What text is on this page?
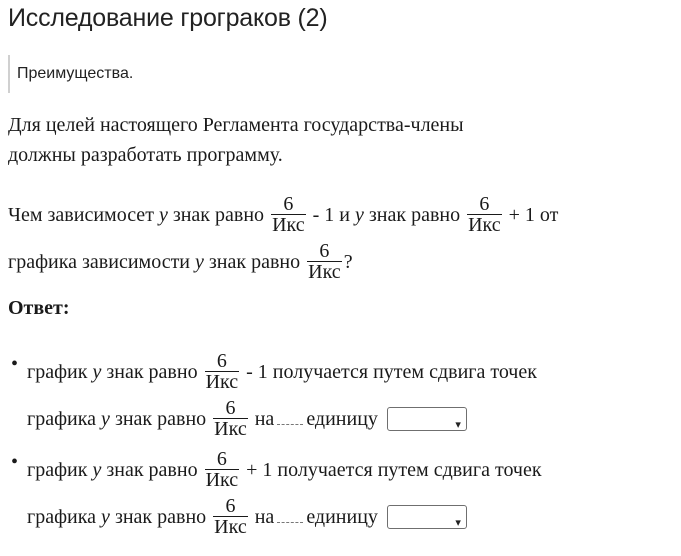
Исследование грограков (2)
Преимущества.
Для целей настоящего Регламента государства-члены
должны разработать программу.
Чем зависимосет y знак равно $\frac{6}{\text{Икс}} - 1$ и y знак равно $\frac{6}{\text{Икс}} + 1$ от
графика зависимости y знак равно $\frac{6}{\text{Икс}}$ ?
Ответ:
• график y знак равно $\frac{6}{\text{Икс}} - 1$ получается путем сдвига точек
графика y знак равно $\frac{6}{\text{Икс}}$ на единицу	▾
• график y знак равно $\frac{6}{\text{Икс}} + 1$ получается путем сдвига точек
графика y знак равно $\frac{6}{\text{Икс}}$ на единицу	▾
